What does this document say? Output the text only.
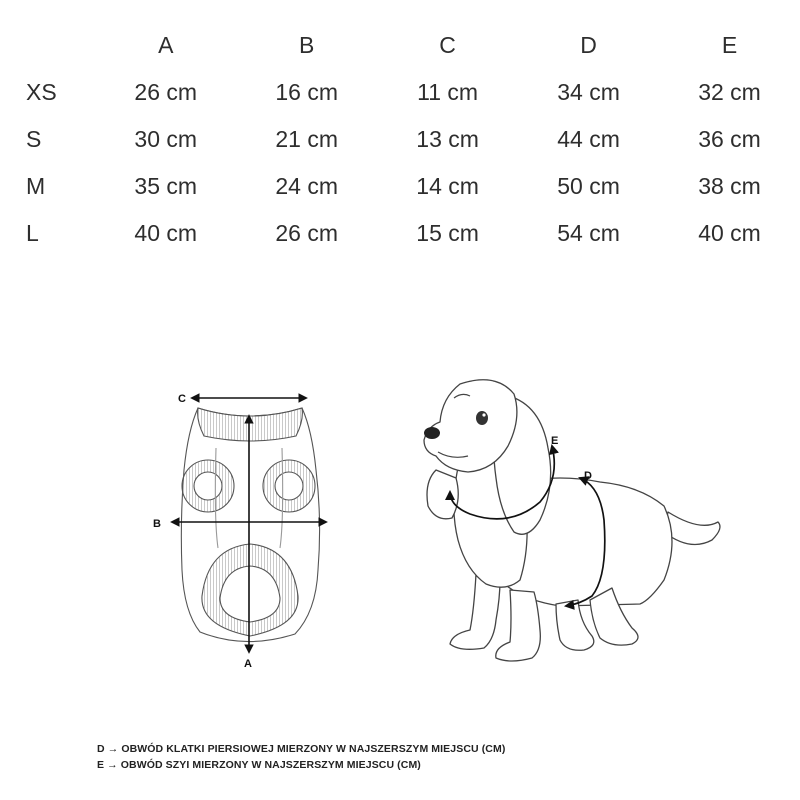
	A	B	C	D	E
XS	26 cm	16 cm	11 cm	34 cm	32 cm
S	30 cm	21 cm	13 cm	44 cm	36 cm
M	35 cm	24 cm	14 cm	50 cm	38 cm
L	40 cm	26 cm	15 cm	54 cm	40 cm
A
B
C
E
D
D → OBWÓD KLATKI PIERSIOWEJ MIERZONY W NAJSZERSZYM MIEJSCU (CM)
E → OBWÓD SZYI MIERZONY W NAJSZERSZYM MIEJSCU (CM)
